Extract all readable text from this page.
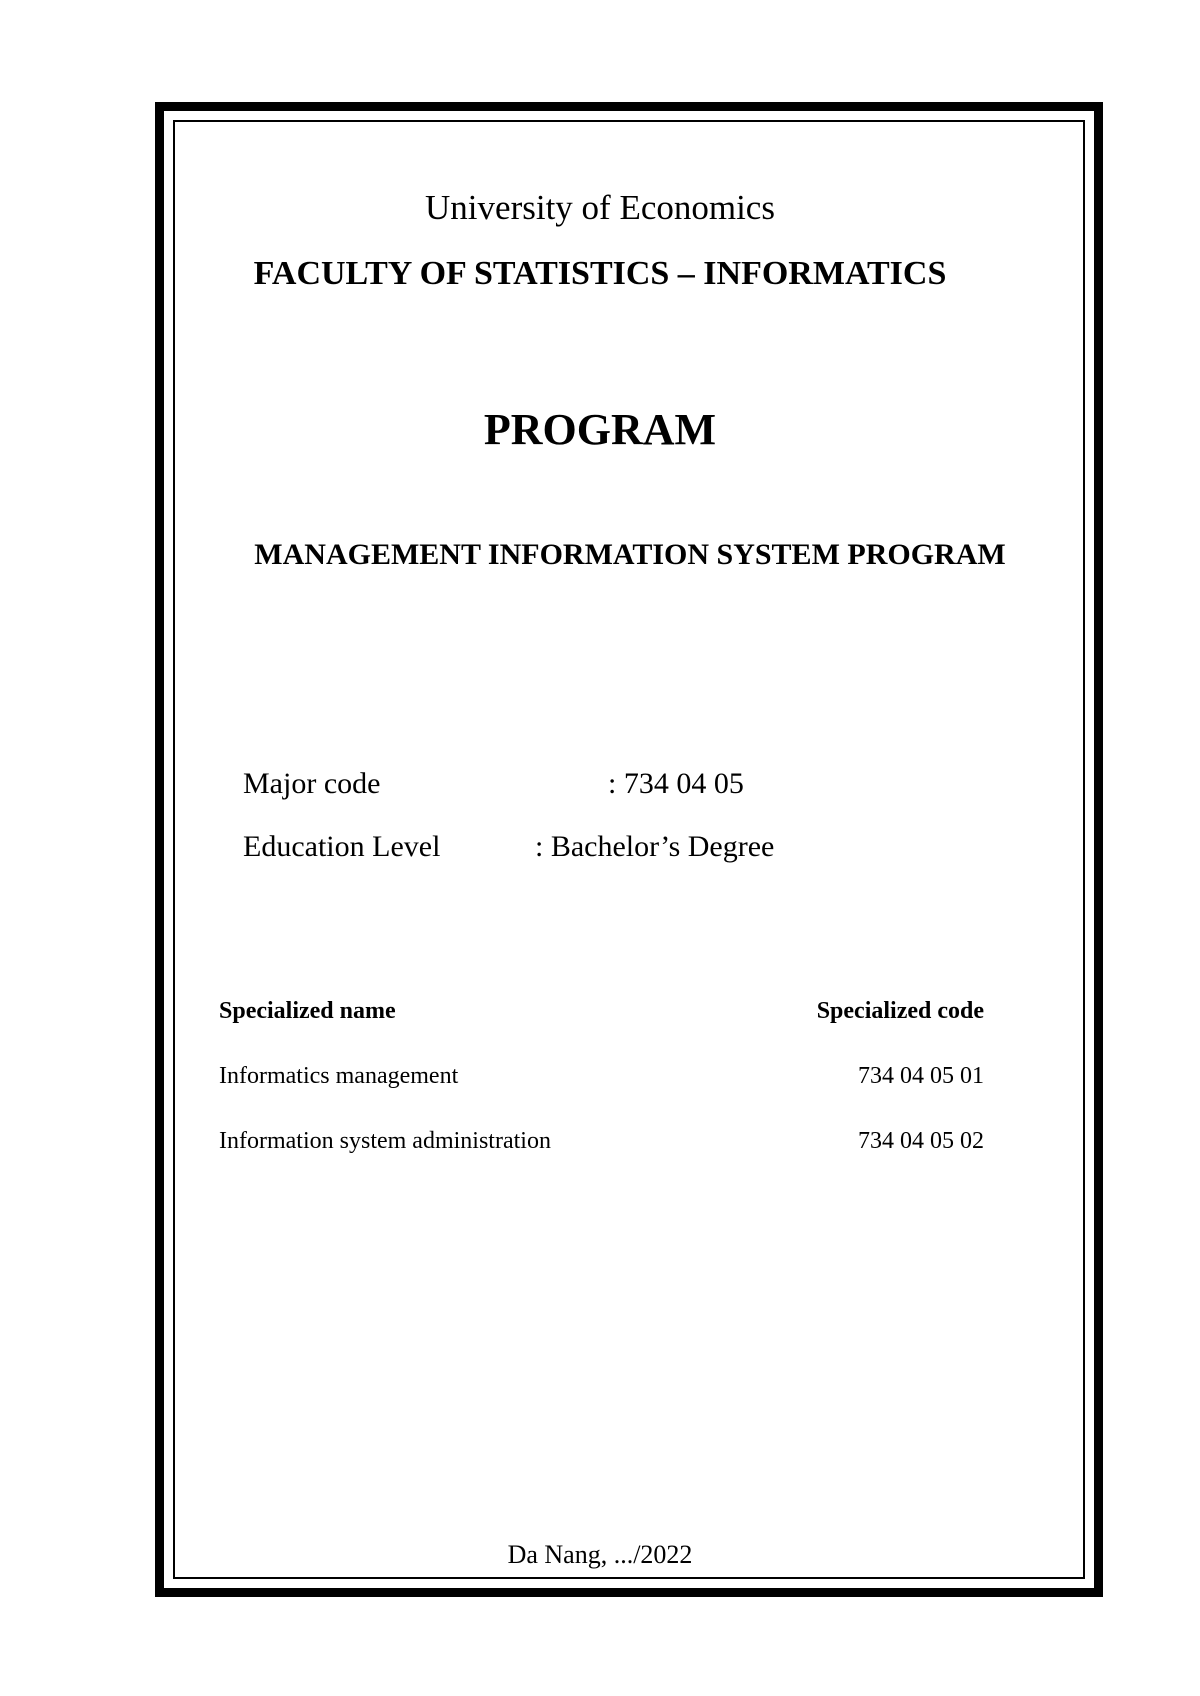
University of Economics
FACULTY OF STATISTICS – INFORMATICS
PROGRAM
MANAGEMENT INFORMATION SYSTEM PROGRAM
Major code	: 734 04 05
Education Level	: Bachelor’s Degree
Specialized name	Specialized code
Informatics management	734 04 05 01
Information system administration	734 04 05 02
Da Nang, .../2022
